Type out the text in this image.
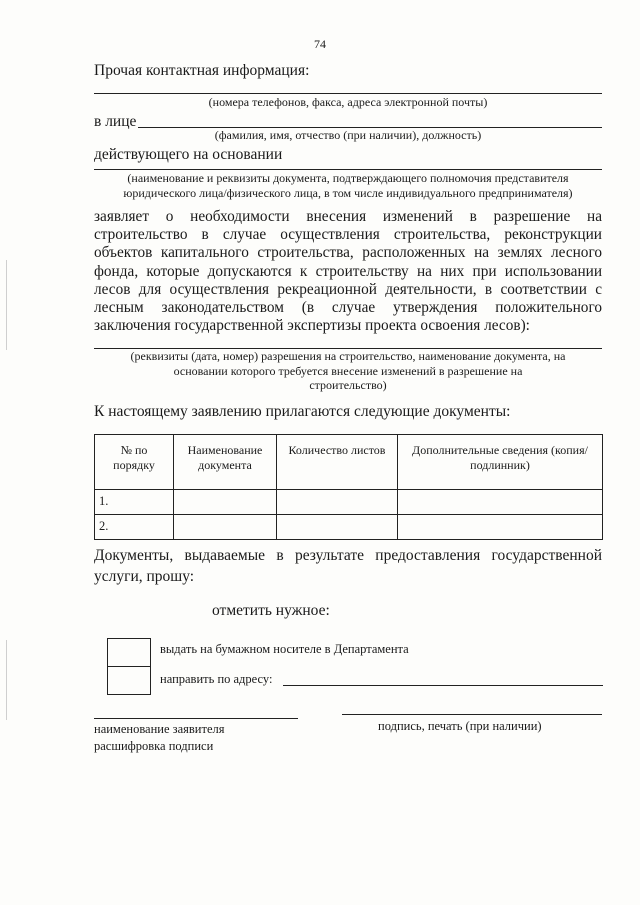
74
Прочая контактная информация:
(номера телефонов, факса, адреса электронной почты)
в лице
(фамилия, имя, отчество (при наличии), должность)
действующего на основании
(наименование и реквизиты документа, подтверждающего полномочия представителя
юридического лица/физического лица, в том числе индивидуального предпринимателя)
заявляет о необходимости внесения изменений в разрешение на строительство в случае осуществления строительства, реконструкции объектов капитального строительства, расположенных на землях лесного фонда, которые допускаются к строительству на них при использовании лесов для осуществления рекреационной деятельности, в соответствии с лесным законодательством (в случае утверждения положительного заключения государственной экспертизы проекта освоения лесов):
(реквизиты (дата, номер) разрешения на строительство, наименование документа, на
основании которого требуется внесение изменений в разрешение на
строительство)
К настоящему заявлению прилагаются следующие документы:
№ по порядку	Наименование документа	Количество листов	Дополнительные сведения (копия/подлинник)
1.			
2.			
Документы, выдаваемые в результате предоставления государственной услуги, прошу:
отметить нужное:
выдать на бумажном носителе в Департамента
направить по адресу:
наименование заявителя
расшифровка подписи
подпись, печать (при наличии)
